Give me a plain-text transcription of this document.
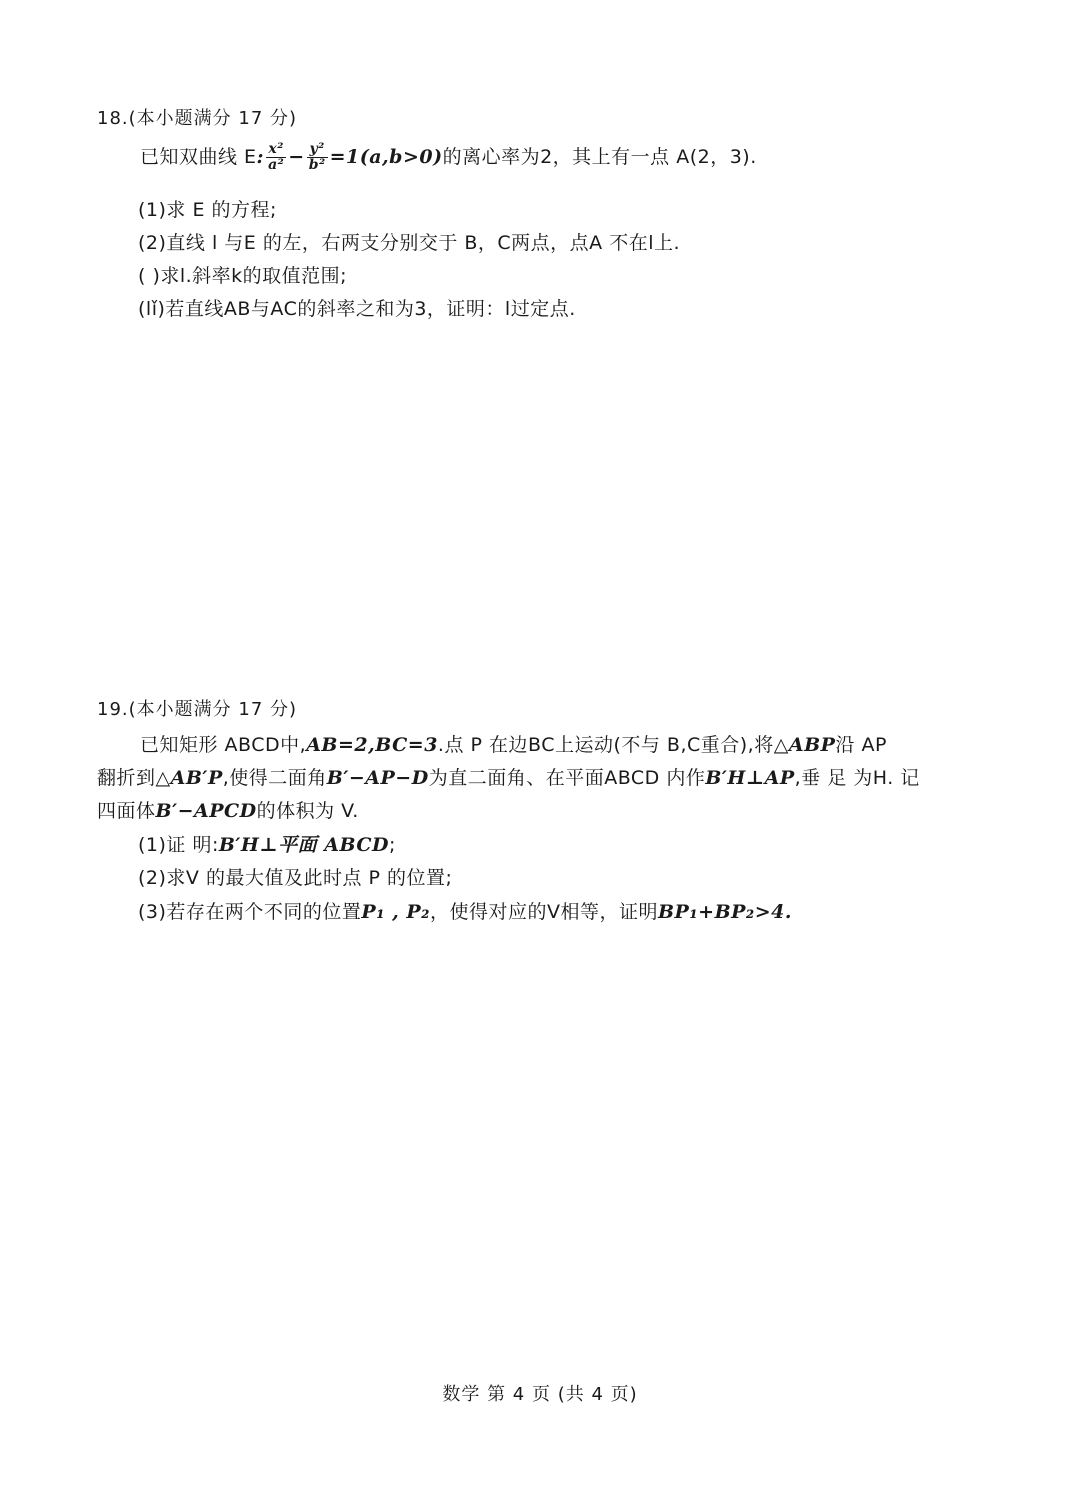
18.(本小题满分 17 分)
已知双曲线 E: $\frac{\text{x²}}{\text{a²}} - \frac{\text{y²}}{\text{b²}} =1(a,b>0)$的离心率为2，其上有一点 A(2，3).
(1)求 E 的方程;
(2)直线 l 与E 的左，右两支分别交于 B，C两点，点A 不在l上.
( )求l.斜率k的取值范围;
(lǐ)若直线AB与AC的斜率之和为3，证明：l过定点.
19.(本小题满分 17 分)
已知矩形 ABCD中,AB=2,BC=3.点 P 在边BC上运动(不与 B,C重合),将△ABP沿 AP
翻折到△AB′P,使得二面角B′−AP−D为直二面角、在平面ABCD 内作B′H⊥AP,垂 足 为H. 记
四面体B′−APCD的体积为 V.
(1)证 明:B′H⊥平面 ABCD;
(2)求V 的最大值及此时点 P 的位置;
(3)若存在两个不同的位置P₁ , P₂，使得对应的V相等，证明BP₁+BP₂>4.
数学 第 4 页 (共 4 页)
